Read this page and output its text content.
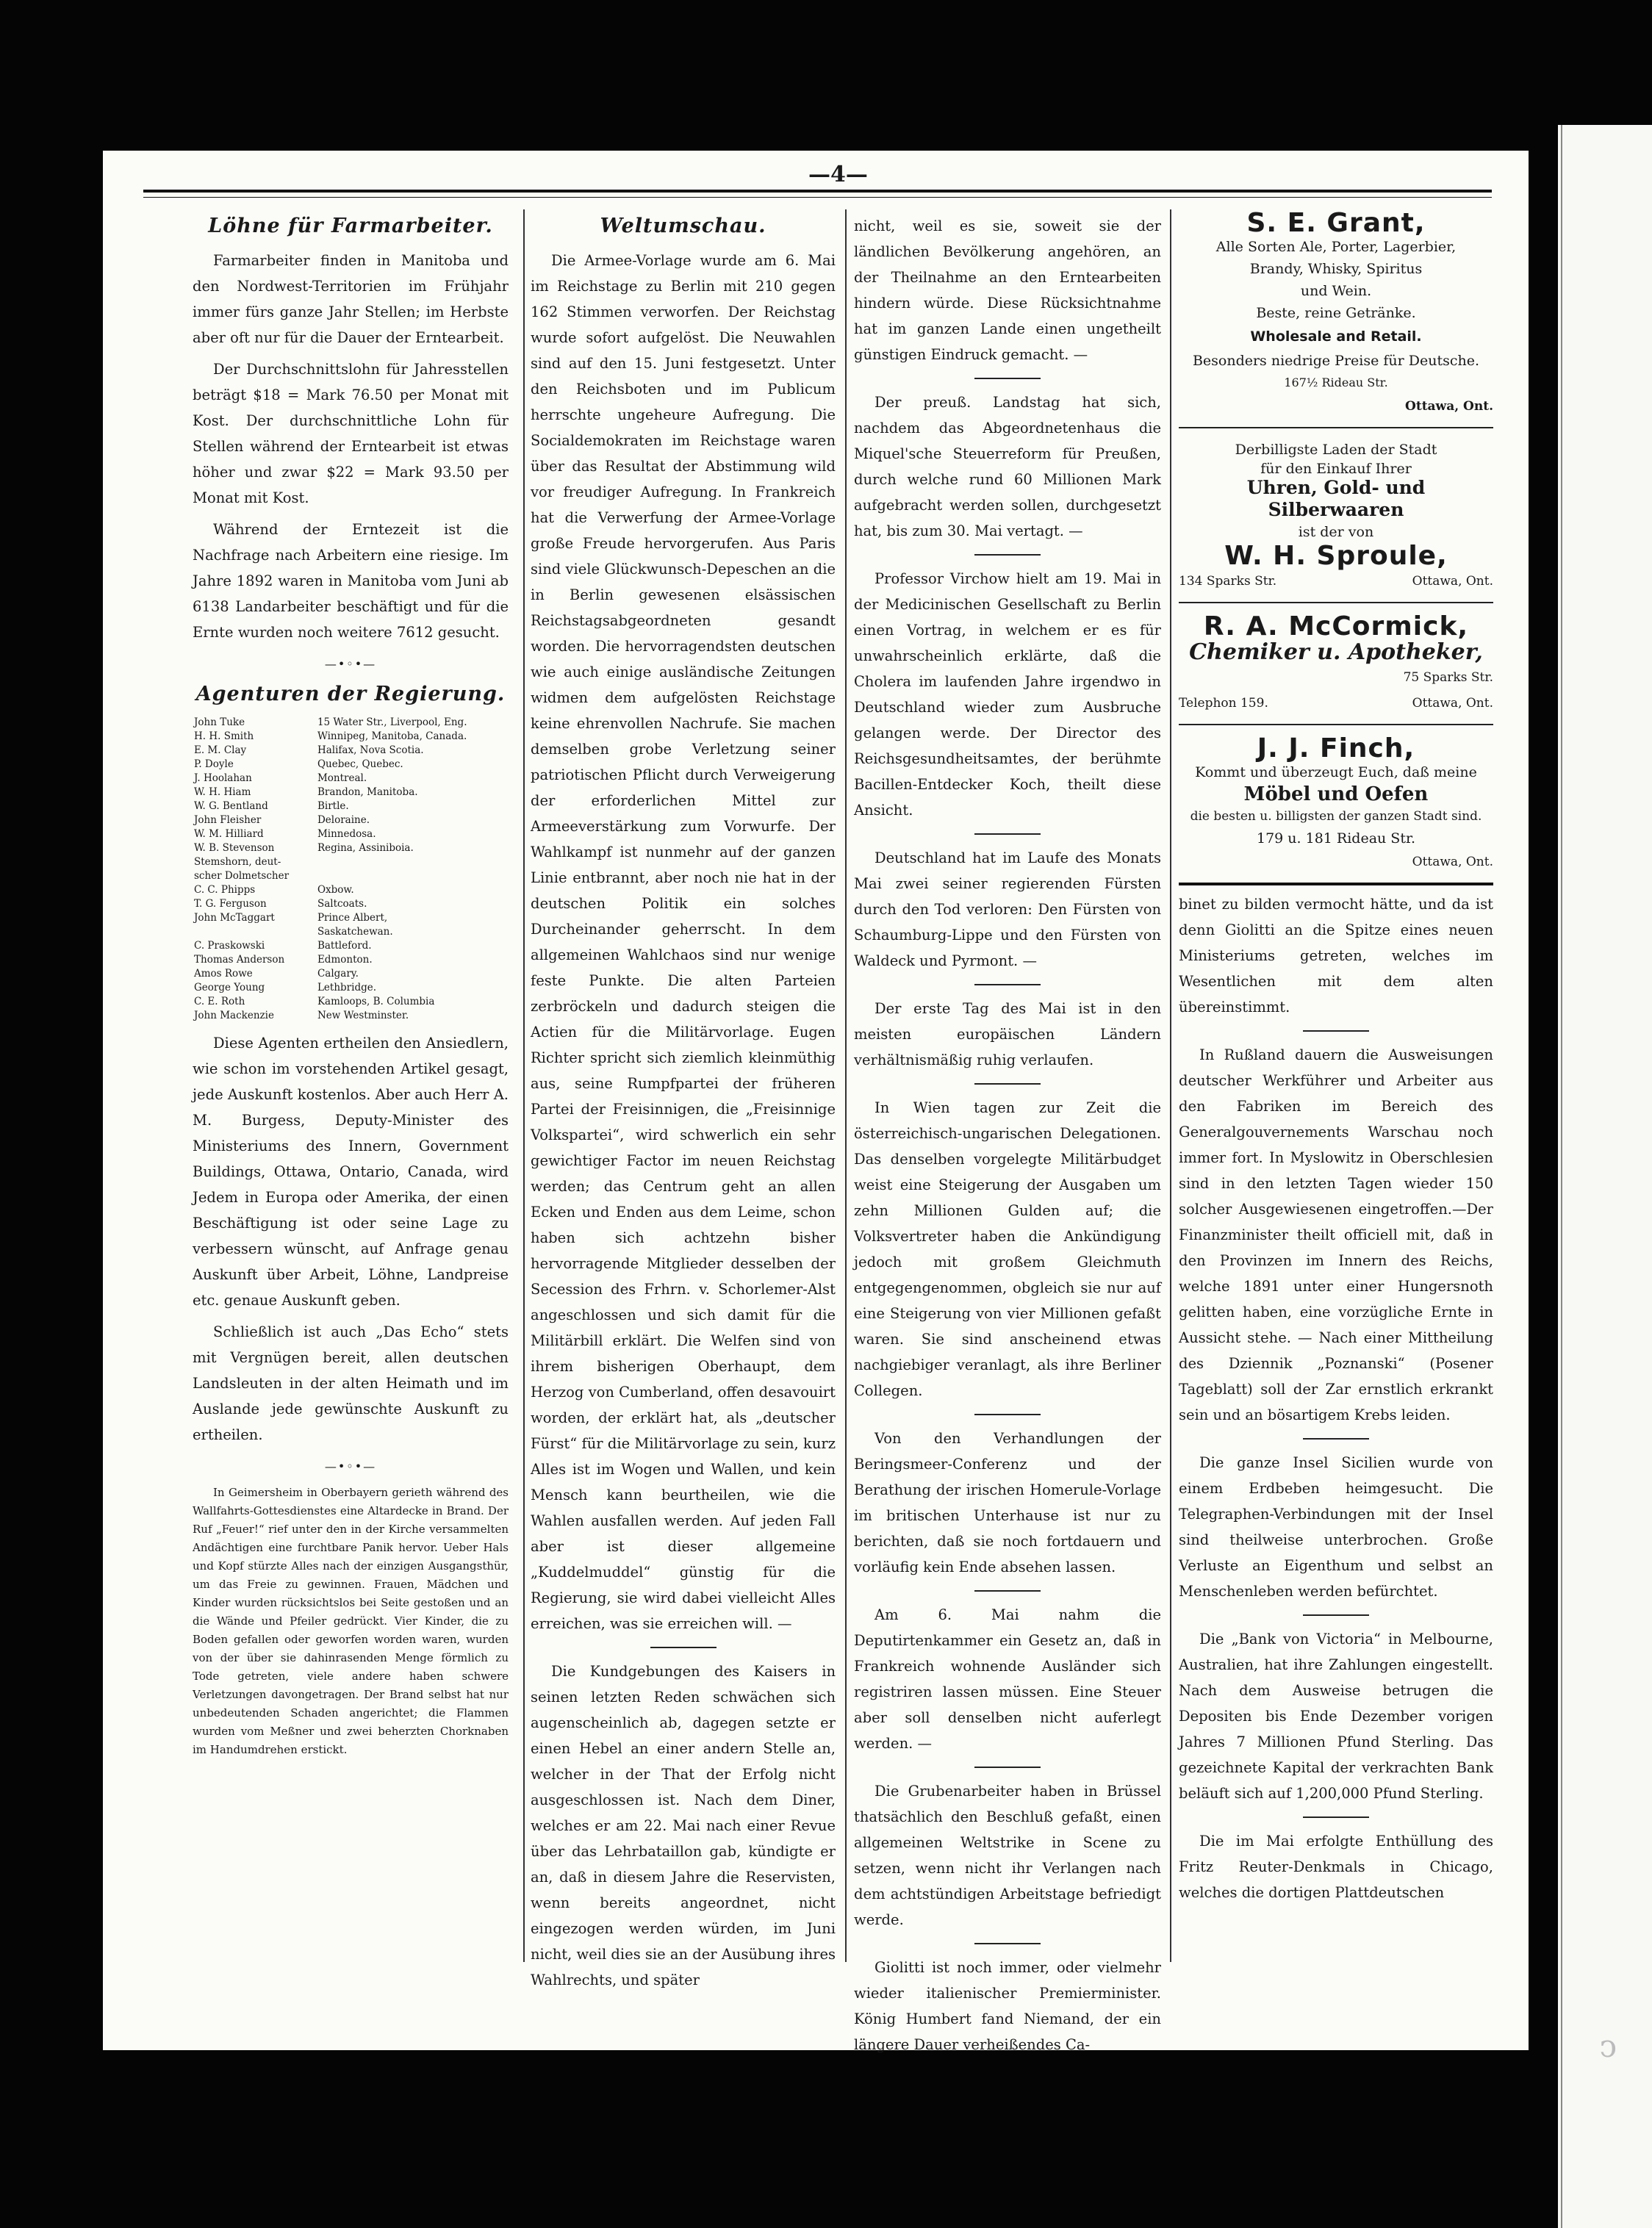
—4—
Löhne für Farmarbeiter.

Farmarbeiter finden in Manitoba und den Nordwest-Territorien im Frühjahr immer fürs ganze Jahr Stellen; im Herbste aber oft nur für die Dauer der Erntearbeit.

Der Durchschnittslohn für Jahresstellen beträgt $18 = Mark 76.50 per Monat mit Kost. Der durchschnittliche Lohn für Stellen während der Erntearbeit ist etwas höher und zwar $22 = Mark 93.50 per Monat mit Kost.

Während der Erntezeit ist die Nachfrage nach Arbeitern eine riesige. Im Jahre 1892 waren in Manitoba vom Juni ab 6138 Landarbeiter beschäftigt und für die Ernte wurden noch weitere 7612 gesucht.

—•◦•—
Agenturen der Regierung.
John Tuke	15 Water Str., Liverpool, Eng.
H. H. Smith	Winnipeg, Manitoba, Canada.
E. M. Clay	Halifax, Nova Scotia.
P. Doyle	Quebec, Quebec.
J. Hoolahan	Montreal.
W. H. Hiam	Brandon, Manitoba.
W. G. Bentland	Birtle.
John Fleisher	Deloraine.
W. M. Hilliard	Minnedosa.
W. B. Stevenson	Regina, Assiniboia.
Stemshorn, deut-	
scher Dolmetscher	
C. C. Phipps	Oxbow.
T. G. Ferguson	Saltcoats.
John McTaggart	Prince Albert,
	Saskatchewan.
C. Praskowski	Battleford.
Thomas Anderson	Edmonton.
Amos Rowe	Calgary.
George Young	Lethbridge.
C. E. Roth	Kamloops, B. Columbia
John Mackenzie	New Westminster.

Diese Agenten ertheilen den Ansiedlern, wie schon im vorstehenden Artikel gesagt, jede Auskunft kostenlos. Aber auch Herr A. M. Burgess, Deputy-Minister des Ministeriums des Innern, Government Buildings, Ottawa, Ontario, Canada, wird Jedem in Europa oder Amerika, der einen Beschäftigung ist oder seine Lage zu verbessern wünscht, auf Anfrage genau Auskunft über Arbeit, Löhne, Landpreise etc. genaue Auskunft geben.

Schließlich ist auch „Das Echo“ stets mit Vergnügen bereit, allen deutschen Landsleuten in der alten Heimath und im Auslande jede gewünschte Auskunft zu ertheilen.

—•◦•—

In Geimersheim in Oberbayern gerieth während des Wallfahrts-Gottesdienstes eine Altardecke in Brand. Der Ruf „Feuer!“ rief unter den in der Kirche versammelten Andächtigen eine furchtbare Panik hervor. Ueber Hals und Kopf stürzte Alles nach der einzigen Ausgangsthür, um das Freie zu gewinnen. Frauen, Mädchen und Kinder wurden rücksichtslos bei Seite gestoßen und an die Wände und Pfeiler gedrückt. Vier Kinder, die zu Boden gefallen oder geworfen worden waren, wurden von der über sie dahinrasenden Menge förmlich zu Tode getreten, viele andere haben schwere Verletzungen davongetragen. Der Brand selbst hat nur unbedeutenden Schaden angerichtet; die Flammen wurden vom Meßner und zwei beherzten Chorknaben im Handumdrehen erstickt.

Weltumschau.

Die Armee-Vorlage wurde am 6. Mai im Reichstage zu Berlin mit 210 gegen 162 Stimmen verworfen. Der Reichstag wurde sofort aufgelöst. Die Neuwahlen sind auf den 15. Juni festgesetzt. Unter den Reichsboten und im Publicum herrschte ungeheure Aufregung. Die Socialdemokraten im Reichstage waren über das Resultat der Abstimmung wild vor freudiger Aufregung. In Frankreich hat die Verwerfung der Armee-Vorlage große Freude hervorgerufen. Aus Paris sind viele Glückwunsch-Depeschen an die in Berlin gewesenen elsässischen Reichstagsabgeordneten gesandt worden. Die hervorragendsten deutschen wie auch einige ausländische Zeitungen widmen dem aufgelösten Reichstage keine ehrenvollen Nachrufe. Sie machen demselben grobe Verletzung seiner patriotischen Pflicht durch Verweigerung der erforderlichen Mittel zur Armeeverstärkung zum Vorwurfe. Der Wahlkampf ist nunmehr auf der ganzen Linie entbrannt, aber noch nie hat in der deutschen Politik ein solches Durcheinander geherrscht. In dem allgemeinen Wahlchaos sind nur wenige feste Punkte. Die alten Parteien zerbröckeln und dadurch steigen die Actien für die Militärvorlage. Eugen Richter spricht sich ziemlich kleinmüthig aus, seine Rumpfpartei der früheren Partei der Freisinnigen, die „Freisinnige Volkspartei“, wird schwerlich ein sehr gewichtiger Factor im neuen Reichstag werden; das Centrum geht an allen Ecken und Enden aus dem Leime, schon haben sich achtzehn bisher hervorragende Mitglieder desselben der Secession des Frhrn. v. Schorlemer-Alst angeschlossen und sich damit für die Militärbill erklärt. Die Welfen sind von ihrem bisherigen Oberhaupt, dem Herzog von Cumberland, offen desavouirt worden, der erklärt hat, als „deutscher Fürst“ für die Militärvorlage zu sein, kurz Alles ist im Wogen und Wallen, und kein Mensch kann beurtheilen, wie die Wahlen ausfallen werden. Auf jeden Fall aber ist dieser allgemeine „Kuddelmuddel“ günstig für die Regierung, sie wird dabei vielleicht Alles erreichen, was sie erreichen will. —

Die Kundgebungen des Kaisers in seinen letzten Reden schwächen sich augenscheinlich ab, dagegen setzte er einen Hebel an einer andern Stelle an, welcher in der That der Erfolg nicht ausgeschlossen ist. Nach dem Diner, welches er am 22. Mai nach einer Revue über das Lehrbataillon gab, kündigte er an, daß in diesem Jahre die Reservisten, wenn bereits angeordnet, nicht eingezogen werden würden, im Juni nicht, weil dies sie an der Ausübung ihres Wahlrechts, und später

nicht, weil es sie, soweit sie der ländlichen Bevölkerung angehören, an der Theilnahme an den Erntearbeiten hindern würde. Diese Rücksichtnahme hat im ganzen Lande einen ungetheilt günstigen Eindruck gemacht. —

Der preuß. Landstag hat sich, nachdem das Abgeordnetenhaus die Miquel'sche Steuerreform für Preußen, durch welche rund 60 Millionen Mark aufgebracht werden sollen, durchgesetzt hat, bis zum 30. Mai vertagt. —

Professor Virchow hielt am 19. Mai in der Medicinischen Gesellschaft zu Berlin einen Vortrag, in welchem er es für unwahrscheinlich erklärte, daß die Cholera im laufenden Jahre irgendwo in Deutschland wieder zum Ausbruche gelangen werde. Der Director des Reichsgesundheitsamtes, der berühmte Bacillen-Entdecker Koch, theilt diese Ansicht.

Deutschland hat im Laufe des Monats Mai zwei seiner regierenden Fürsten durch den Tod verloren: Den Fürsten von Schaumburg-Lippe und den Fürsten von Waldeck und Pyrmont. —

Der erste Tag des Mai ist in den meisten europäischen Ländern verhältnismäßig ruhig verlaufen.

In Wien tagen zur Zeit die österreichisch-ungarischen Delegationen. Das denselben vorgelegte Militärbudget weist eine Steigerung der Ausgaben um zehn Millionen Gulden auf; die Volksvertreter haben die Ankündigung jedoch mit großem Gleichmuth entgegengenommen, obgleich sie nur auf eine Steigerung von vier Millionen gefaßt waren. Sie sind anscheinend etwas nachgiebiger veranlagt, als ihre Berliner Collegen.

Von den Verhandlungen der Beringsmeer-Conferenz und der Berathung der irischen Homerule-Vorlage im britischen Unterhause ist nur zu berichten, daß sie noch fortdauern und vorläufig kein Ende absehen lassen.

Am 6. Mai nahm die Deputirtenkammer ein Gesetz an, daß in Frankreich wohnende Ausländer sich registriren lassen müssen. Eine Steuer aber soll denselben nicht auferlegt werden. —

Die Grubenarbeiter haben in Brüssel thatsächlich den Beschluß gefaßt, einen allgemeinen Weltstrike in Scene zu setzen, wenn nicht ihr Verlangen nach dem achtstündigen Arbeitstage befriedigt werde.

Giolitti ist noch immer, oder vielmehr wieder italienischer Premierminister. König Humbert fand Niemand, der ein längere Dauer verheißendes Ca-

S. E. Grant,
Alle Sorten Ale, Porter, Lagerbier,
Brandy, Whisky, Spiritus
und Wein.
Beste, reine Getränke.
Wholesale and Retail.
Besonders niedrige Preise für Deutsche.
167½ Rideau Str.
Ottawa, Ont.
Derbilligste Laden der Stadt
für den Einkauf Ihrer
Uhren, Gold- und Silberwaaren
ist der von
W. H. Sproule,
134 Sparks Str.	Ottawa, Ont.
R. A. McCormick,
Chemiker u. Apotheker,
75 Sparks Str.
Telephon 159.	Ottawa, Ont.
J. J. Finch,
Kommt und überzeugt Euch, daß meine
Möbel und Oefen
die besten u. billigsten der ganzen Stadt sind.
179 u. 181 Rideau Str.
Ottawa, Ont.

binet zu bilden vermocht hätte, und da ist denn Giolitti an die Spitze eines neuen Ministeriums getreten, welches im Wesentlichen mit dem alten übereinstimmt.

In Rußland dauern die Ausweisungen deutscher Werkführer und Arbeiter aus den Fabriken im Bereich des Generalgouvernements Warschau noch immer fort. In Myslowitz in Oberschlesien sind in den letzten Tagen wieder 150 solcher Ausgewiesenen eingetroffen.—Der Finanzminister theilt officiell mit, daß in den Provinzen im Innern des Reichs, welche 1891 unter einer Hungersnoth gelitten haben, eine vorzügliche Ernte in Aussicht stehe. — Nach einer Mittheilung des Dziennik „Poznanski“ (Posener Tageblatt) soll der Zar ernstlich erkrankt sein und an bösartigem Krebs leiden.

Die ganze Insel Sicilien wurde von einem Erdbeben heimgesucht. Die Telegraphen-Verbindungen mit der Insel sind theilweise unterbrochen. Große Verluste an Eigenthum und selbst an Menschenleben werden befürchtet.

Die „Bank von Victoria“ in Melbourne, Australien, hat ihre Zahlungen eingestellt. Nach dem Ausweise betrugen die Depositen bis Ende Dezember vorigen Jahres 7 Millionen Pfund Sterling. Das gezeichnete Kapital der verkrachten Bank beläuft sich auf 1,200,000 Pfund Sterling.

Die im Mai erfolgte Enthüllung des Fritz Reuter-Denkmals in Chicago, welches die dortigen Plattdeutschen

ↄ
